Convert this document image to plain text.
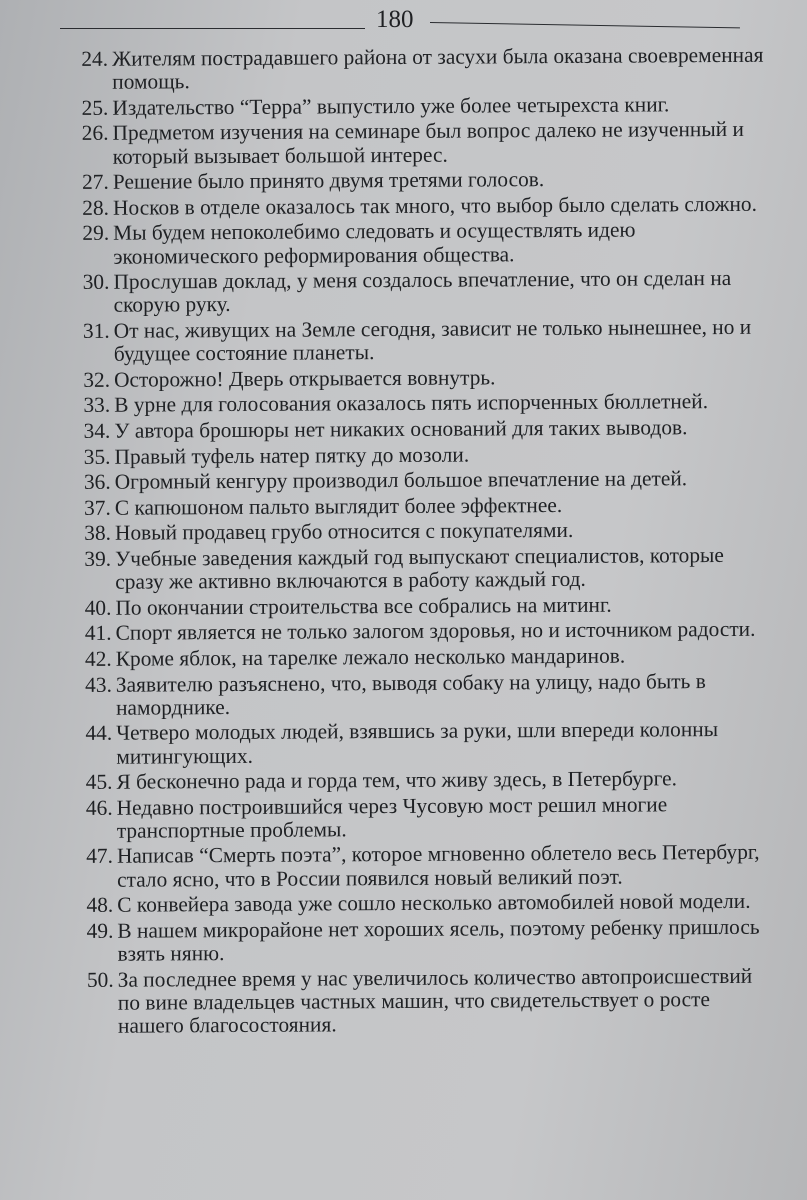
180
24. Жителям пострадавшего района от засухи была оказана своевременная помощь.
25. Издательство “Терра” выпустило уже более четырехста книг.
26. Предметом изучения на семинаре был вопрос далеко не изученный и который вызывает большой интерес.
27. Решение было принято двумя третями голосов.
28. Носков в отделе оказалось так много, что выбор было сделать сложно.
29. Мы будем непоколебимо следовать и осуществлять идею экономического реформирования общества.
30. Прослушав доклад, у меня создалось впечатление, что он сделан на скорую руку.
31. От нас, живущих на Земле сегодня, зависит не только нынешнее, но и будущее состояние планеты.
32. Осторожно! Дверь открывается вовнутрь.
33. В урне для голосования оказалось пять испорченных бюллетней.
34. У автора брошюры нет никаких оснований для таких выводов.
35. Правый туфель натер пятку до мозоли.
36. Огромный кенгуру производил большое впечатление на детей.
37. С капюшоном пальто выглядит более эффектнее.
38. Новый продавец грубо относится с покупателями.
39. Учебные заведения каждый год выпускают специалистов, которые сразу же активно включаются в работу каждый год.
40. По окончании строительства все собрались на митинг.
41. Спорт является не только залогом здоровья, но и источником радости.
42. Кроме яблок, на тарелке лежало несколько мандаринов.
43. Заявителю разъяснено, что, выводя собаку на улицу, надо быть в наморднике.
44. Четверо молодых людей, взявшись за руки, шли впереди колонны митингующих.
45. Я бесконечно рада и горда тем, что живу здесь, в Петербурге.
46. Недавно построившийся через Чусовую мост решил многие транспортные проблемы.
47. Написав “Смерть поэта”, которое мгновенно облетело весь Петербург, стало ясно, что в России появился новый великий поэт.
48. С конвейера завода уже сошло несколько автомобилей новой модели.
49. В нашем микрорайоне нет хороших ясель, поэтому ребенку пришлось взять няню.
50. За последнее время у нас увеличилось количество автопроисшествий по вине владельцев частных машин, что свидетельствует о росте нашего благосостояния.
